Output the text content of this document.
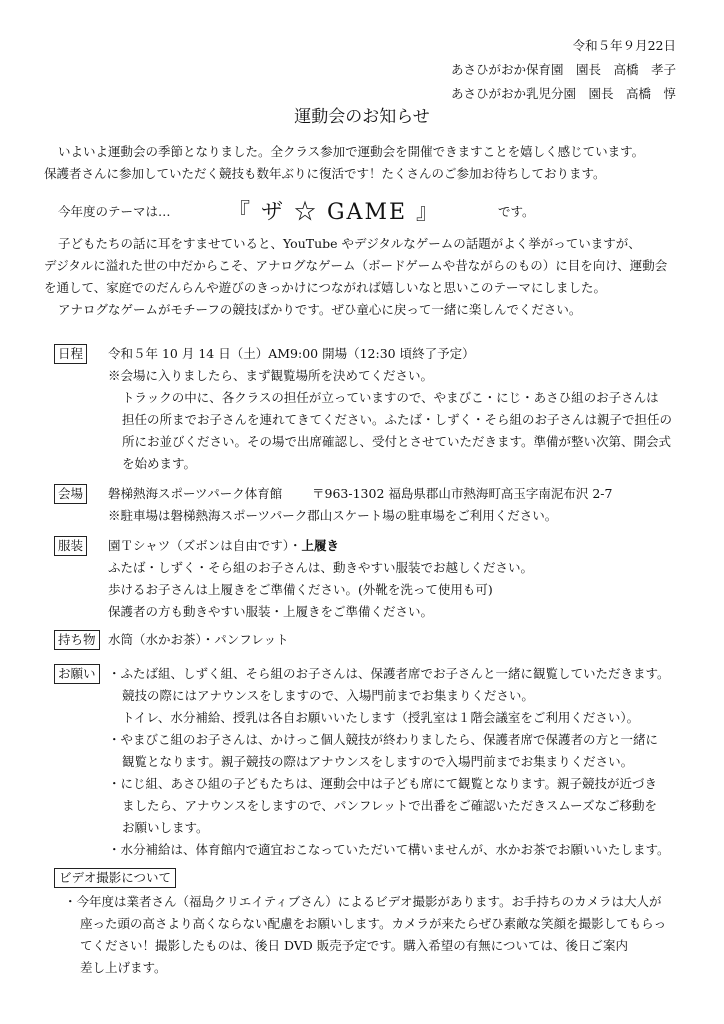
令和５年９月22日
あさひがおか保育園　園長　高橋　孝子
あさひがおか乳児分園　園長　高橋　惇
運動会のお知らせ
いよいよ運動会の季節となりました。全クラス参加で運動会を開催できますことを嬉しく感じています。
保護者さんに参加していただく競技も数年ぶりに復活です！たくさんのご参加お待ちしております。
今年度のテーマは…	『 ザ ☆ GAME 』	です。
子どもたちの話に耳をすませていると、YouTube やデジタルなゲームの話題がよく挙がっていますが、
デジタルに溢れた世の中だからこそ、アナログなゲーム（ボードゲームや昔ながらのもの）に目を向け、運動会
を通して、家庭でのだんらんや遊びのきっかけにつながれば嬉しいなと思いこのテーマにしました。
アナログなゲームがモチーフの競技ばかりです。ぜひ童心に戻って一緒に楽しんでください。
日程	令和５年 10 月 14 日（土）AM9:00 開場（12:30 頃終了予定）
※会場に入りましたら、まず観覧場所を決めてください。
トラックの中に、各クラスの担任が立っていますので、やまびこ・にじ・あさひ組のお子さんは
担任の所までお子さんを連れてきてください。ふたば・しずく・そら組のお子さんは親子で担任の
所にお並びください。その場で出席確認し、受付とさせていただきます。準備が整い次第、開会式
を始めます。
会場	磐梯熱海スポーツパーク体育館 〒963-1302 福島県郡山市熱海町高玉字南泥布沢 2-7
※駐車場は磐梯熱海スポーツパーク郡山スケート場の駐車場をご利用ください。
服装	園Ｔシャツ（ズボンは自由です）・上履き
ふたば・しずく・そら組のお子さんは、動きやすい服装でお越しください。
歩けるお子さんは上履きをご準備ください。(外靴を洗って使用も可)
保護者の方も動きやすい服装・上履きをご準備ください。
持ち物 水筒（水かお茶）・パンフレット
お願い ・ふたば組、しずく組、そら組のお子さんは、保護者席でお子さんと一緒に観覧していただきます。
競技の際にはアナウンスをしますので、入場門前までお集まりください。
トイレ、水分補給、授乳は各自お願いいたします（授乳室は１階会議室をご利用ください）。
・やまびこ組のお子さんは、かけっこ個人競技が終わりましたら、保護者席で保護者の方と一緒に
観覧となります。親子競技の際はアナウンスをしますので入場門前までお集まりください。
・にじ組、あさひ組の子どもたちは、運動会中は子ども席にて観覧となります。親子競技が近づき
ましたら、アナウンスをしますので、パンフレットで出番をご確認いただきスムーズなご移動を
お願いします。
・水分補給は、体育館内で適宜おこなっていただいて構いませんが、水かお茶でお願いいたします。
ビデオ撮影について
・今年度は業者さん（福島クリエイティブさん）によるビデオ撮影があります。お手持ちのカメラは大人が
座った頭の高さより高くならない配慮をお願いします。カメラが来たらぜひ素敵な笑顔を撮影してもらっ
てください！撮影したものは、後日 DVD 販売予定です。購入希望の有無については、後日ご案内
差し上げます。
